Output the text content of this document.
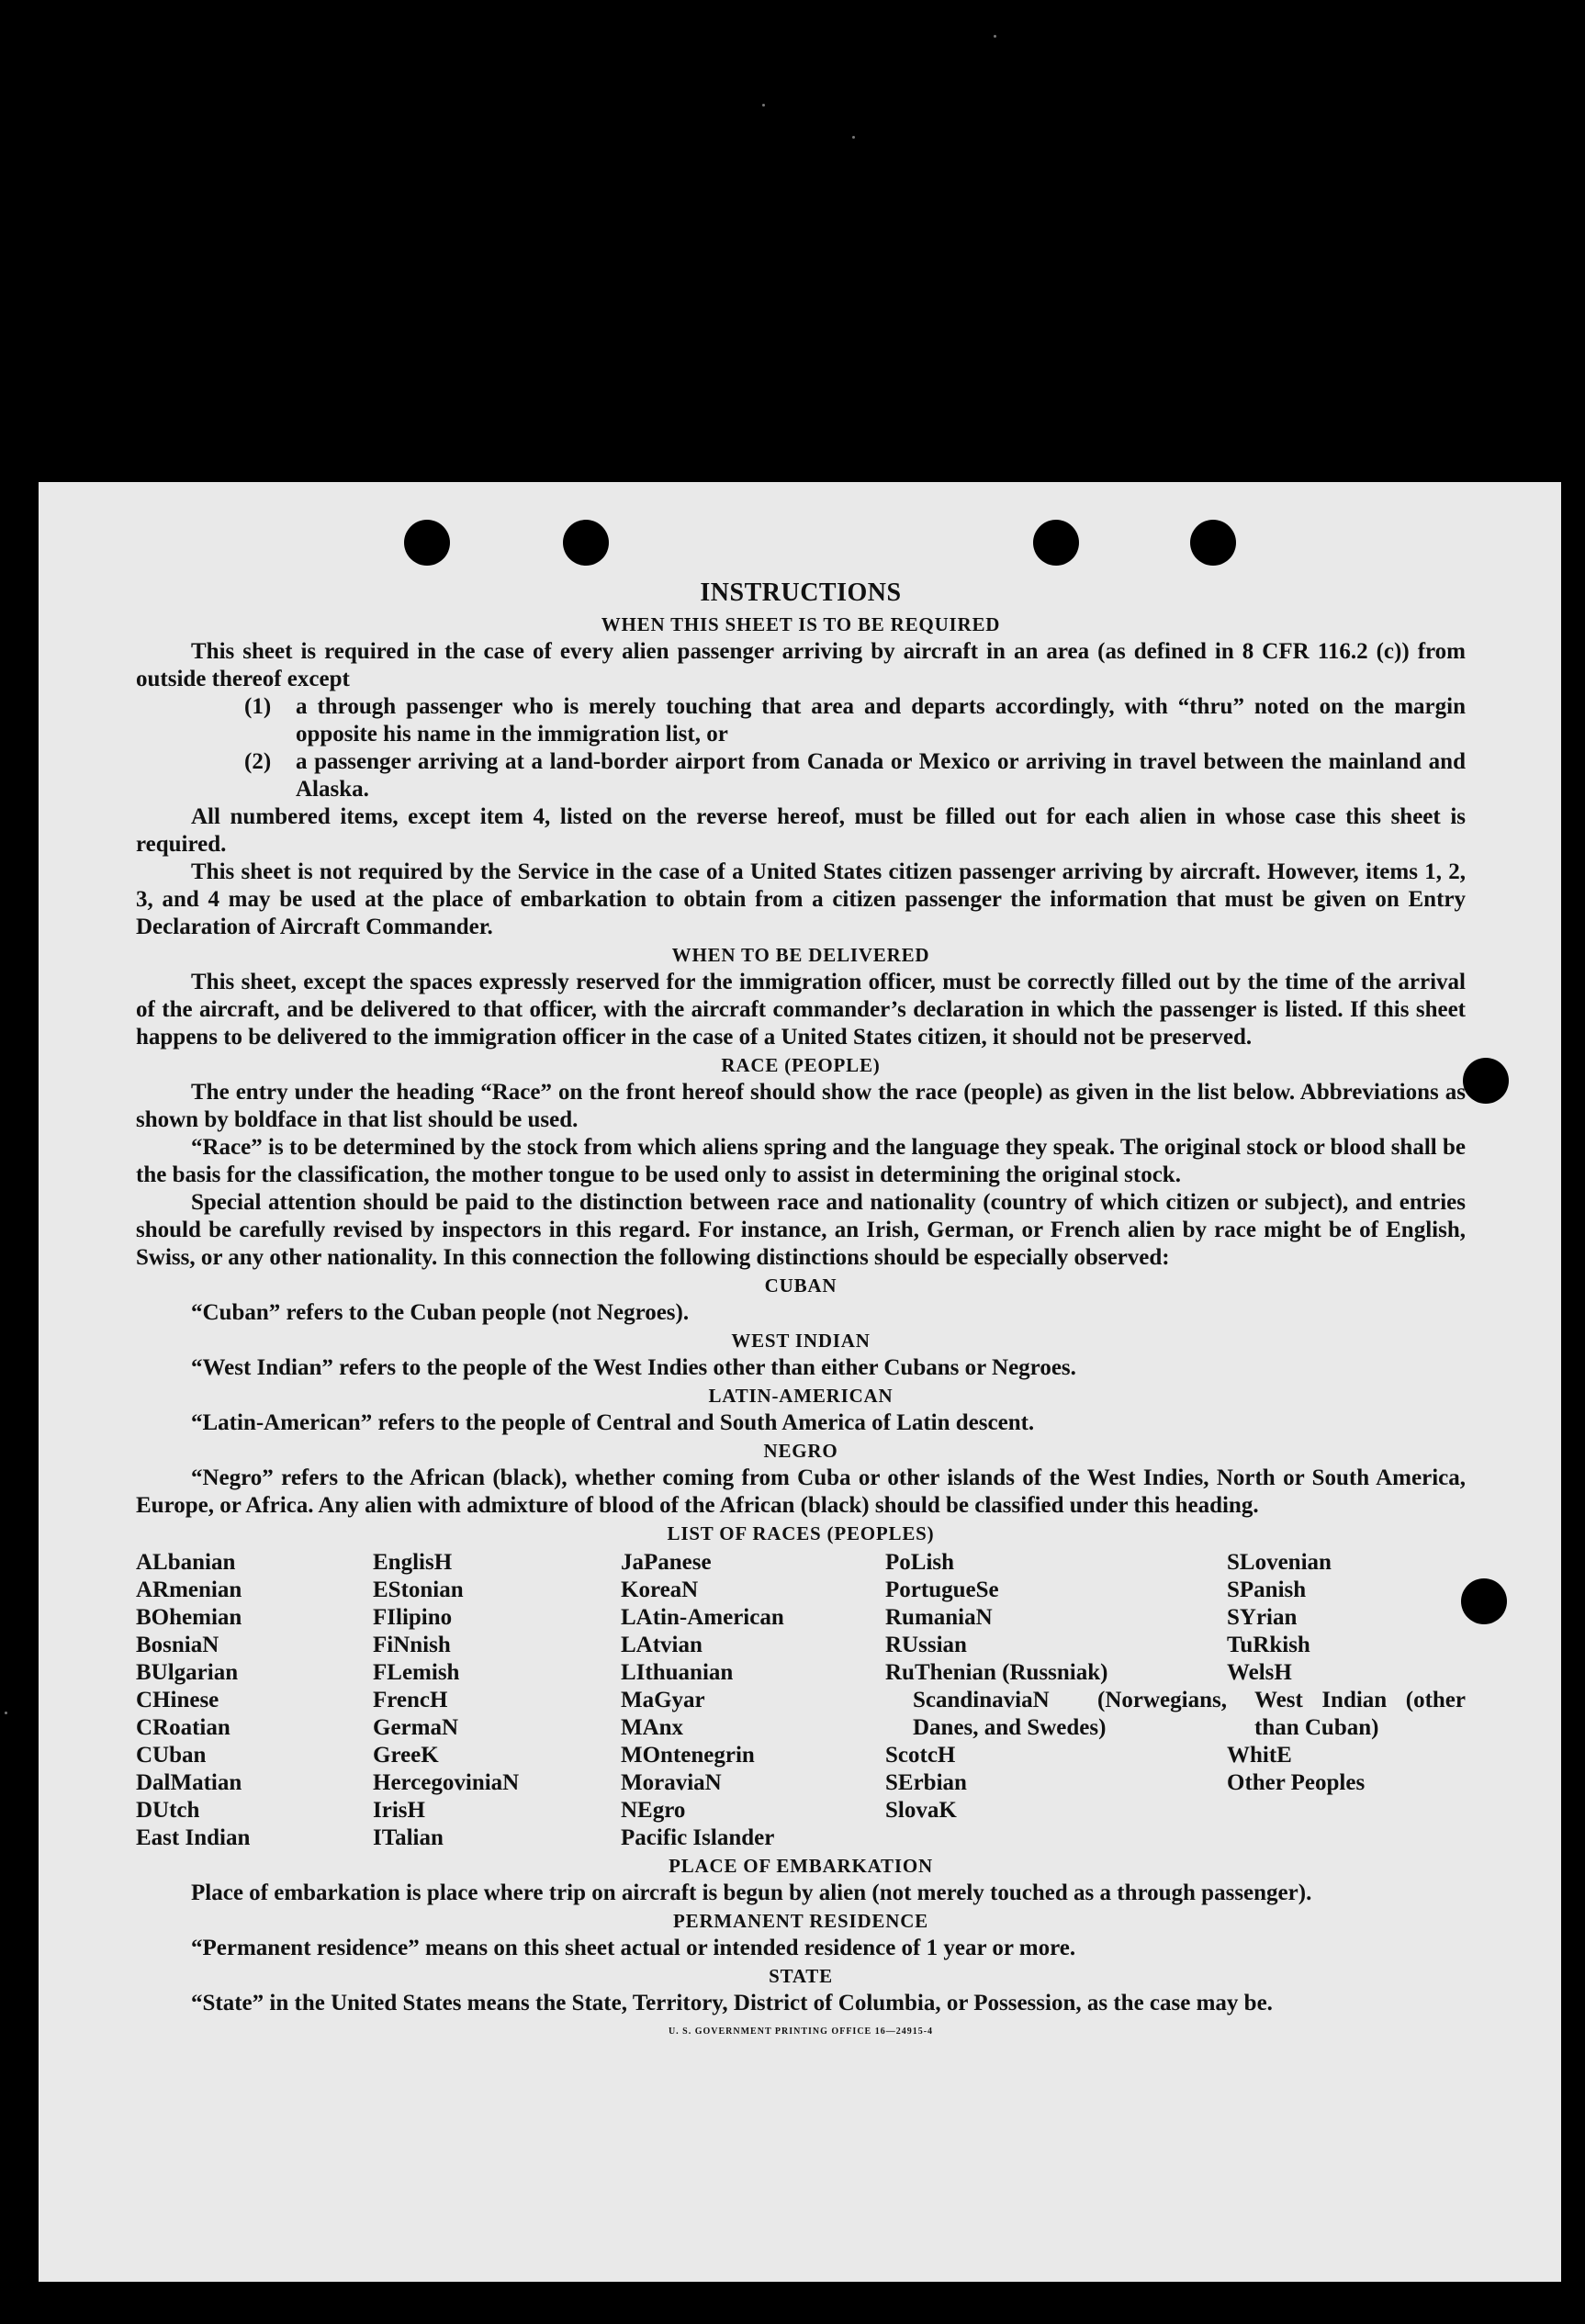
INSTRUCTIONS
WHEN THIS SHEET IS TO BE REQUIRED

This sheet is required in the case of every alien passenger arriving by aircraft in an area (as defined in 8 CFR 116.2 (c)) from outside thereof except

(1)	a through passenger who is merely touching that area and departs accordingly, with “thru” noted on the margin opposite his name in the immigration list, or

(2)	a passenger arriving at a land-border airport from Canada or Mexico or arriving in travel between the mainland and Alaska.

All numbered items, except item 4, listed on the reverse hereof, must be filled out for each alien in whose case this sheet is required.

This sheet is not required by the Service in the case of a United States citizen passenger arriving by aircraft. However, items 1, 2, 3, and 4 may be used at the place of embarkation to obtain from a citizen passenger the information that must be given on Entry Declaration of Aircraft Commander.

WHEN TO BE DELIVERED

This sheet, except the spaces expressly reserved for the immigration officer, must be correctly filled out by the time of the arrival of the aircraft, and be delivered to that officer, with the aircraft commander’s declaration in which the passenger is listed. If this sheet happens to be delivered to the immigration officer in the case of a United States citizen, it should not be preserved.

RACE (PEOPLE)

The entry under the heading “Race” on the front hereof should show the race (people) as given in the list below. Abbreviations as shown by boldface in that list should be used.

“Race” is to be determined by the stock from which aliens spring and the language they speak. The original stock or blood shall be the basis for the classification, the mother tongue to be used only to assist in determining the original stock.

Special attention should be paid to the distinction between race and nationality (country of which citizen or subject), and entries should be carefully revised by inspectors in this regard. For instance, an Irish, German, or French alien by race might be of English, Swiss, or any other nationality. In this connection the following distinctions should be especially observed:

CUBAN

“Cuban” refers to the Cuban people (not Negroes).

WEST INDIAN

“West Indian” refers to the people of the West Indies other than either Cubans or Negroes.

LATIN-AMERICAN

“Latin-American” refers to the people of Central and South America of Latin descent.

NEGRO

“Negro” refers to the African (black), whether coming from Cuba or other islands of the West Indies, North or South America, Europe, or Africa. Any alien with admixture of blood of the African (black) should be classified under this heading.

LIST OF RACES (PEOPLES)
ALbanian
ARmenian
BOhemian
BosniaN
BUlgarian
CHinese
CRoatian
CUban
DalMatian
DUtch
East Indian
EnglisH
EStonian
FIlipino
FiNnish
FLemish
FrencH
GermaN
GreeK
HercegoviniaN
IrisH
ITalian
JaPanese
KoreaN
LAtin-American
LAtvian
LIthuanian
MaGyar
MAnx
MOntenegrin
MoraviaN
NEgro
Pacific Islander
PoLish
PortugueSe
RumaniaN
RUssian
RuThenian (Russniak)
ScandinaviaN (Norwegians, Danes, and Swedes)
ScotcH
SErbian
SlovaK
SLovenian
SPanish
SYrian
TuRkish
WelsH
West Indian (other than Cuban)
WhitE
Other Peoples
PLACE OF EMBARKATION

Place of embarkation is place where trip on aircraft is begun by alien (not merely touched as a through passenger).

PERMANENT RESIDENCE

“Permanent residence” means on this sheet actual or intended residence of 1 year or more.

STATE

“State” in the United States means the State, Territory, District of Columbia, or Possession, as the case may be.

U. S. GOVERNMENT PRINTING OFFICE 16—24915-4
